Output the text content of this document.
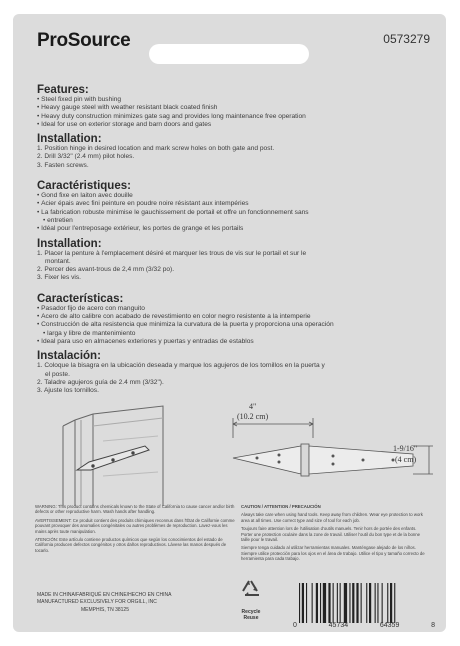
ProSource	0573279
Features:
• Steel fixed pin with bushing
• Heavy gauge steel with weather resistant black coated finish
• Heavy duty construction minimizes gate sag and provides long maintenance free operation
• Ideal for use on exterior storage and barn doors and gates
Installation:
1. Position hinge in desired location and mark screw holes on both gate and post.
2. Drill 3/32" (2.4 mm) pilot holes.
3. Fasten screws.
Caractéristiques:
• Gond fixe en laiton avec douille
• Acier épais avec fini peinture en poudre noire résistant aux intempéries
• La fabrication robuste minimise le gauchissement de portail et offre un fonctionnement sans
• entretien
• Idéal pour l'entreposage extérieur, les portes de grange et les portails
Installation:
1. Placer la penture à l'emplacement désiré et marquer les trous de vis sur le portail et sur le
montant.
2. Percer des avant-trous de 2,4 mm (3/32 po).
3. Fixer les vis.
Características:
• Pasador fijo de acero con manguito
• Acero de alto calibre con acabado de revestimiento en color negro resistente a la intemperie
• Construcción de alta resistencia que minimiza la curvatura de la puerta y proporciona una operación
• larga y libre de mantenimiento
• Ideal para uso en almacenes exteriores y puertas y entradas de establos
Instalación:
1. Coloque la bisagra en la ubicación deseada y marque los agujeros de los tornillos en la puerta y
el poste.
2. Taladre agujeros guía de 2.4 mm (3/32").
3. Ajuste los tornillos.
4"
(10.2 cm)
1-9/16"
(4 cm)

WARNING: This product contains chemicals known to the State of California to cause cancer and/or birth defects or other reproductive harm. Wash hands after handling.

AVERTISSEMENT: Ce produit contient des produits chimiques reconnus dans l'État de Californie comme pouvant provoquer des anomalies congénitales ou autres problèmes de reproduction. Lavez-vous les mains après toute manipulation.

ATENCIÓN: Este artículo contiene productos químicos que según los conocimientos del estado de California producen defectos congénitos y otros daños reproductivos. Lávese las manos después de tocarlo.

CAUTION / ATTENTION / PRECAUCIÓN

Always take care when using hand tools. Keep away from children. Wear eye protection to work area at all times. Use correct type and size of tool for each job.

Toujours faire attention lors de l'utilisation d'outils manuels. Tenir hors de portée des enfants. Porter une protection oculaire dans la zone de travail. Utiliser l'outil du bon type et de la bonne taille pour le travail.

Siempre tenga cuidado al utilizar herramientas manuales. Manténgase alejado de los niños. Siempre utilice protección para los ojos en el área de trabajo. Utilice el tipo y tamaño correcto de herramienta para cada trabajo.

MADE IN CHINA/FABRIQUÉ EN CHINE/HECHO EN CHINA
MANUFACTURED EXCLUSIVELY FOR ORGILL, INC
MEMPHIS, TN 38125	Recycle
Reuse
0	45734	64359	8
